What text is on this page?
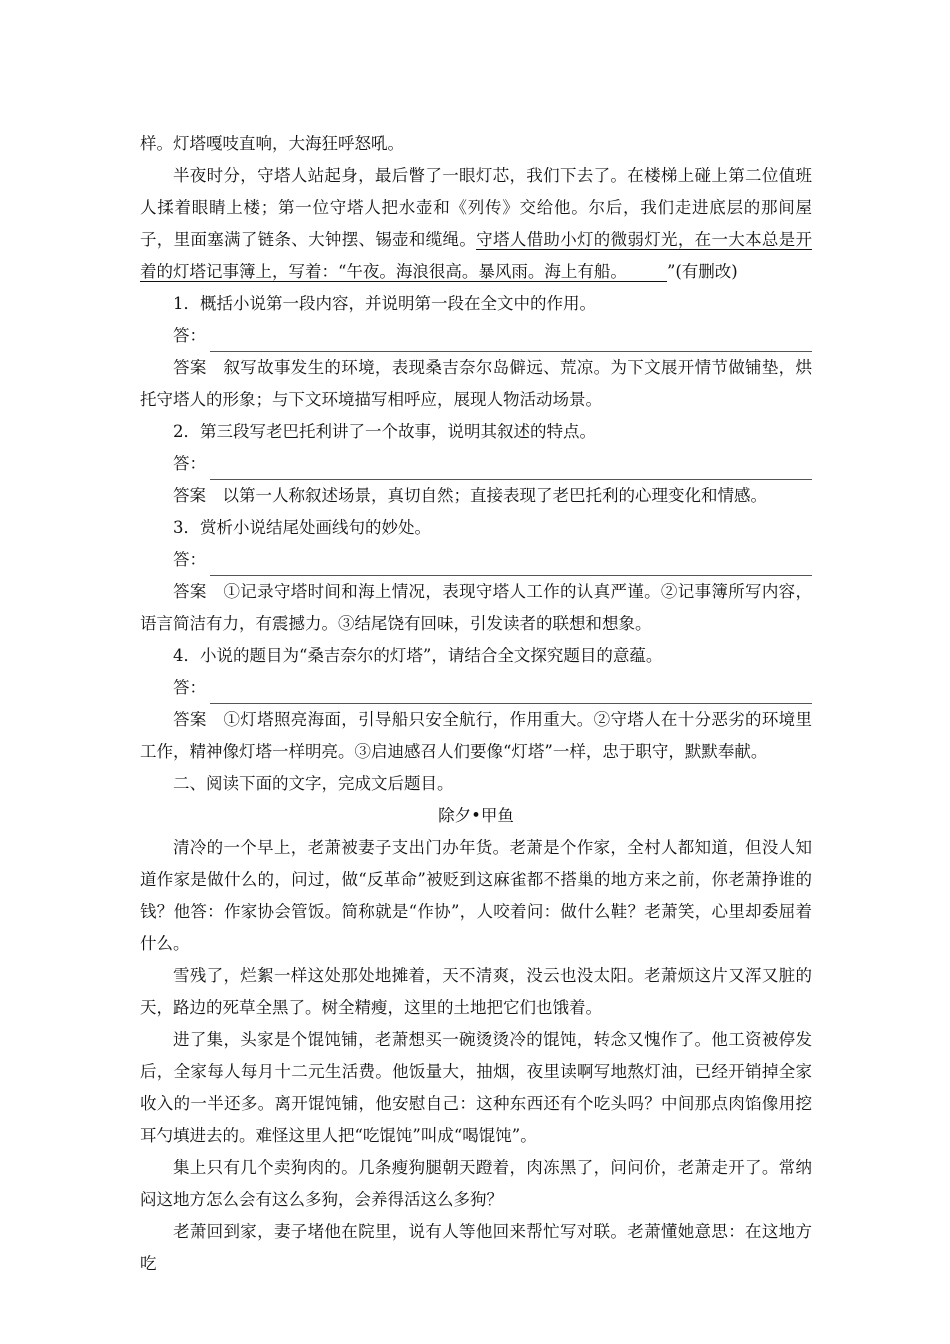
样。灯塔嘎吱直响，大海狂呼怒吼。

半夜时分，守塔人站起身，最后瞥了一眼灯芯，我们下去了。在楼梯上碰上第二位值班人揉着眼睛上楼；第一位守塔人把水壶和《列传》交给他。尔后，我们走进底层的那间屋子，里面塞满了链条、大钟摆、锡壶和缆绳。守塔人借助小灯的微弱灯光，在一大本总是开着的灯塔记事簿上，写着：“午夜。海浪很高。暴风雨。海上有船。 ”(有删改)

1．概括小说第一段内容，并说明第一段在全文中的作用。

答：

答案　 叙写故事发生的环境，表现桑吉奈尔岛僻远、荒凉。为下文展开情节做铺垫，烘托守塔人的形象；与下文环境描写相呼应，展现人物活动场景。

2．第三段写老巴托利讲了一个故事，说明其叙述的特点。

答：

答案　 以第一人称叙述场景，真切自然；直接表现了老巴托利的心理变化和情感。

3．赏析小说结尾处画线句的妙处。

答：

答案　 ①记录守塔时间和海上情况，表现守塔人工作的认真严谨。②记事簿所写内容，语言简洁有力，有震撼力。③结尾饶有回味，引发读者的联想和想象。

4．小说的题目为“桑吉奈尔的灯塔”，请结合全文探究题目的意蕴。

答：

答案　 ①灯塔照亮海面，引导船只安全航行，作用重大。②守塔人在十分恶劣的环境里工作，精神像灯塔一样明亮。③启迪感召人们要像“灯塔”一样，忠于职守，默默奉献。

二、阅读下面的文字，完成文后题目。

除夕•甲鱼

清冷的一个早上，老萧被妻子支出门办年货。老萧是个作家，全村人都知道，但没人知道作家是做什么的，问过，做“反革命”被贬到这麻雀都不搭巢的地方来之前，你老萧挣谁的钱？他答：作家协会管饭。简称就是“作协”，人咬着问：做什么鞋？老萧笑，心里却委屈着什么。

雪残了，烂絮一样这处那处地摊着，天不清爽，没云也没太阳。老萧烦这片又浑又脏的天，路边的死草全黑了。树全精瘦，这里的土地把它们也饿着。

进了集，头家是个馄饨铺，老萧想买一碗烫烫冷的馄饨，转念又愧作了。他工资被停发后，全家每人每月十二元生活费。他饭量大，抽烟，夜里读啊写地熬灯油，已经开销掉全家收入的一半还多。离开馄饨铺，他安慰自己：这种东西还有个吃头吗？中间那点肉馅像用挖耳勺填进去的。难怪这里人把“吃馄饨”叫成“喝馄饨”。

集上只有几个卖狗肉的。几条瘦狗腿朝天蹬着，肉冻黑了，问问价，老萧走开了。常纳闷这地方怎么会有这么多狗，会养得活这么多狗？

老萧回到家，妻子堵他在院里，说有人等他回来帮忙写对联。老萧懂她意思：在这地方吃
